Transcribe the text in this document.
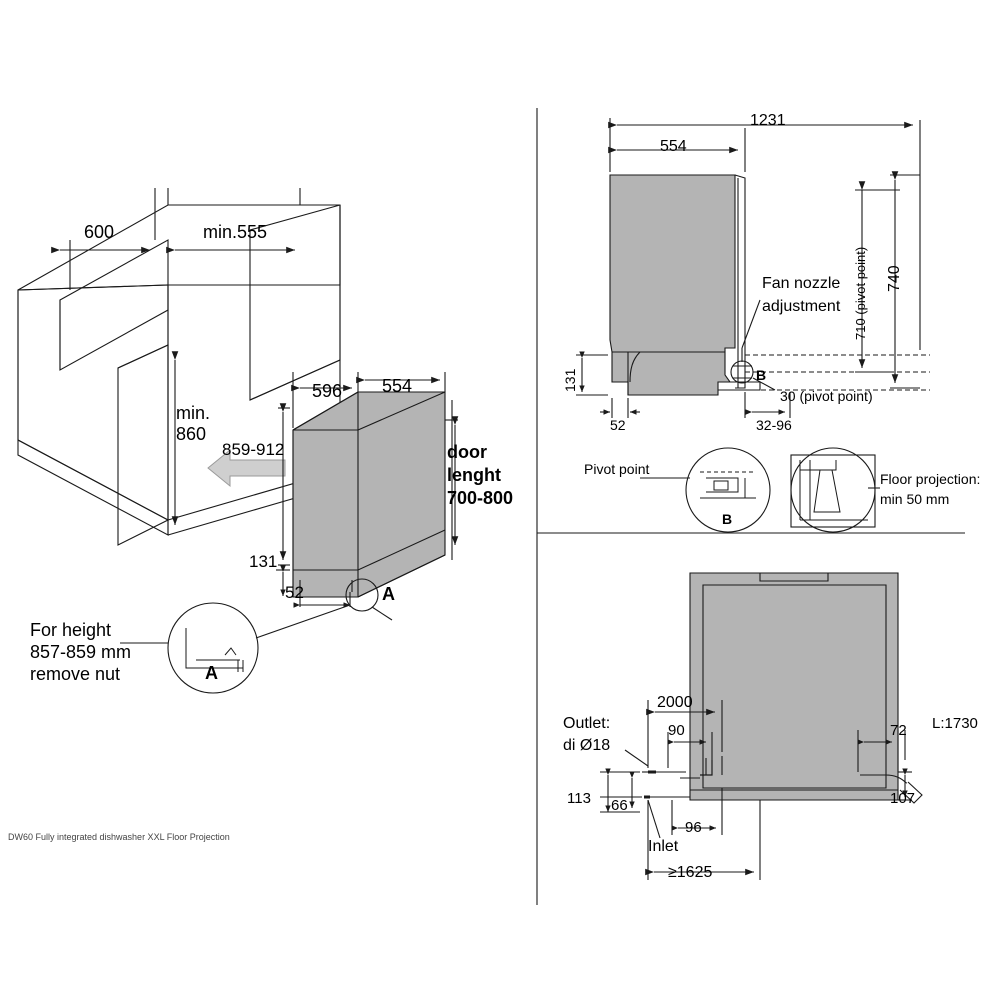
600	min.555
min.
860
596 554
859-912
131
52
door
lenght
700-800
A
A
For height
857-859 mm
remove nut
1231
554
740
710 (pivot point)
131
52	32-96
30 (pivot point)
Fan nozzle
adjustment
B
Pivot point
B
Floor projection:
min 50 mm
2000
90	72 L:1730
107
113 66
96
≥1625
Outlet:
di Ø18
Inlet
DW60 Fully integrated dishwasher XXL Floor Projection
